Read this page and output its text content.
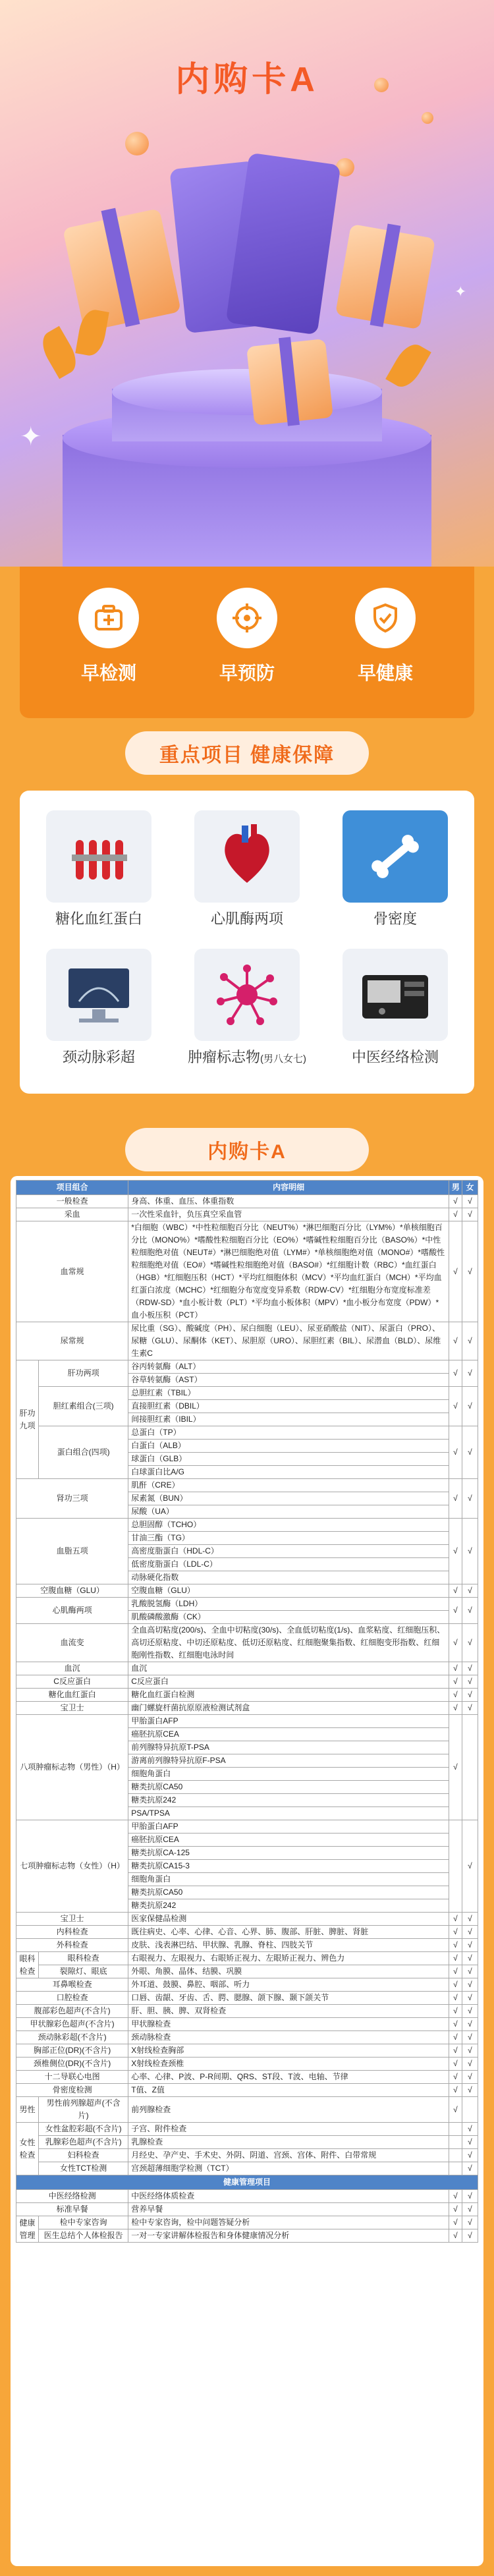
内购卡A
✦
✦
早检测	早预防	早健康
重点项目 健康保障
糖化血红蛋白	心肌酶两项	骨密度
颈动脉彩超	肿瘤标志物(男八女七)	中医经络检测
内购卡A
项目组合		内容明细	男	女
一般检查		身高、体重、血压、体重指数	√	√
采血		一次性采血针，负压真空采血管	√	√
血常规		*白细胞（WBC）*中性粒细胞百分比（NEUT%）*淋巴细胞百分比（LYM%）*单核细胞百分比（MONO%）*嗜酸性粒细胞百分比（EO%）*嗜碱性粒细胞百分比（BASO%）*中性粒细胞绝对值（NEUT#）*淋巴细胞绝对值（LYM#）*单核细胞绝对值（MONO#）*嗜酸性粒细胞绝对值（EO#）*嗜碱性粒细胞绝对值（BASO#）*红细胞计数（RBC）*血红蛋白（HGB）*红细胞压积（HCT）*平均红细胞体积（MCV）*平均血红蛋白（MCH）*平均血红蛋白浓度（MCHC）*红细胞分布宽度变异系数（RDW-CV）*红细胞分布宽度标准差（RDW-SD）*血小板计数（PLT）*平均血小板体积（MPV）*血小板分布宽度（PDW）*血小板压积（PCT）	√	√
尿常规		尿比重（SG）、酸碱度（PH）、尿白细胞（LEU）、尿亚硝酸盐（NIT）、尿蛋白（PRO）、尿糖（GLU）、尿酮体（KET）、尿胆原（URO）、尿胆红素（BIL）、尿潜血（BLD）、尿维生素C	√	√
肝功九项	肝功两项	谷丙转氨酶（ALT）	√	√
		谷草转氨酶（AST）		
	胆红素组合(三项)	总胆红素（TBIL）	√	√
		直接胆红素（DBIL）		
		间接胆红素（IBIL）		
	蛋白组合(四项)	总蛋白（TP）	√	√
		白蛋白（ALB）		
		球蛋白（GLB）		
		白球蛋白比A/G		
肾功三项		肌酐（CRE）	√	√
		尿素氮（BUN）		
		尿酸（UA）		
血脂五项		总胆固醇（TCHO）	√	√
		甘油三酯（TG）		
		高密度脂蛋白（HDL-C）		
		低密度脂蛋白（LDL-C）		
		动脉硬化指数		
空腹血糖（GLU）		空腹血糖（GLU）	√	√
心肌酶两项		乳酸脱氢酶（LDH）	√	√
		肌酸磷酸激酶（CK）		
血流变		全血高切粘度(200/s)、全血中切粘度(30/s)、全血低切粘度(1/s)、血浆粘度、红细胞压积、高切还原粘度、中切还原粘度、低切还原粘度、红细胞聚集指数、红细胞变形指数、红细胞刚性指数、红细胞电泳时间	√	√
血沉		血沉	√	√
C反应蛋白		C反应蛋白	√	√
糖化血红蛋白		糖化血红蛋白检测	√	√
宝卫士		幽门螺旋杆菌抗原原液检测试剂盒	√	√
八项肿瘤标志物（男性）（H）		甲胎蛋白AFP	√	
		癌胚抗原CEA		
		前列腺特异抗原T-PSA		
		游离前列腺特异抗原F-PSA		
		细胞角蛋白		
		糖类抗原CA50		
		糖类抗原242		
		PSA/TPSA		
七项肿瘤标志物（女性）（H）		甲胎蛋白AFP		√
		癌胚抗原CEA		
		糖类抗原CA-125		
		糖类抗原CA15-3		
		细胞角蛋白		
		糖类抗原CA50		
		糖类抗原242		
宝卫士		医家保健品检测	√	√
内科检查		既往病史、心率、心律、心音、心界、肺、腹部、肝脏、脾脏、肾脏	√	√
外科检查		皮肤、浅表淋巴结、甲状腺、乳腺、脊柱、四肢关节	√	√
眼科检查	眼科检查	右眼视力、左眼视力、右眼矫正视力、左眼矫正视力、辨色力	√	√
	裂隙灯、眼底	外眼、角膜、晶体、结膜、巩膜	√	√
耳鼻喉检查		外耳道、鼓膜、鼻腔、咽部、听力	√	√
口腔检查		口唇、齿龈、牙齿、舌、腭、腮腺、颌下腺、颞下颌关节	√	√
腹部彩色超声(不含片)		肝、胆、胰、脾、双肾检查	√	√
甲状腺彩色超声(不含片)		甲状腺检查	√	√
颈动脉彩超(不含片)		颈动脉检查	√	√
胸部正位(DR)(不含片)		X射线检查胸部	√	√
颈椎侧位(DR)(不含片)		X射线检查颈椎	√	√
十二导联心电图		心率、心律、P波、P-R间期、QRS、ST段、T波、电轴、节律	√	√
骨密度检测		T值、Z值	√	√
男性	男性前列腺超声(不含片)	前列腺检查	√	
女性检查	女性盆腔彩超(不含片)	子宫、附件检查		√
	乳腺彩色超声(不含片)	乳腺检查		√
	妇科检查	月经史、孕产史、手术史、外阴、阴道、宫颈、宫体、附件、白带常规		√
	女性TCT检测	宫颈超薄细胞学检测（TCT）		√
健康管理项目				
中医经络检测		中医经络体质检查	√	√
标准早餐		营养早餐	√	√
健康管理	检中专家咨询	检中专家咨询，检中问题答疑分析	√	√
	医生总结个人体检报告	一对一专家讲解体检报告和身体健康情况分析	√	√
